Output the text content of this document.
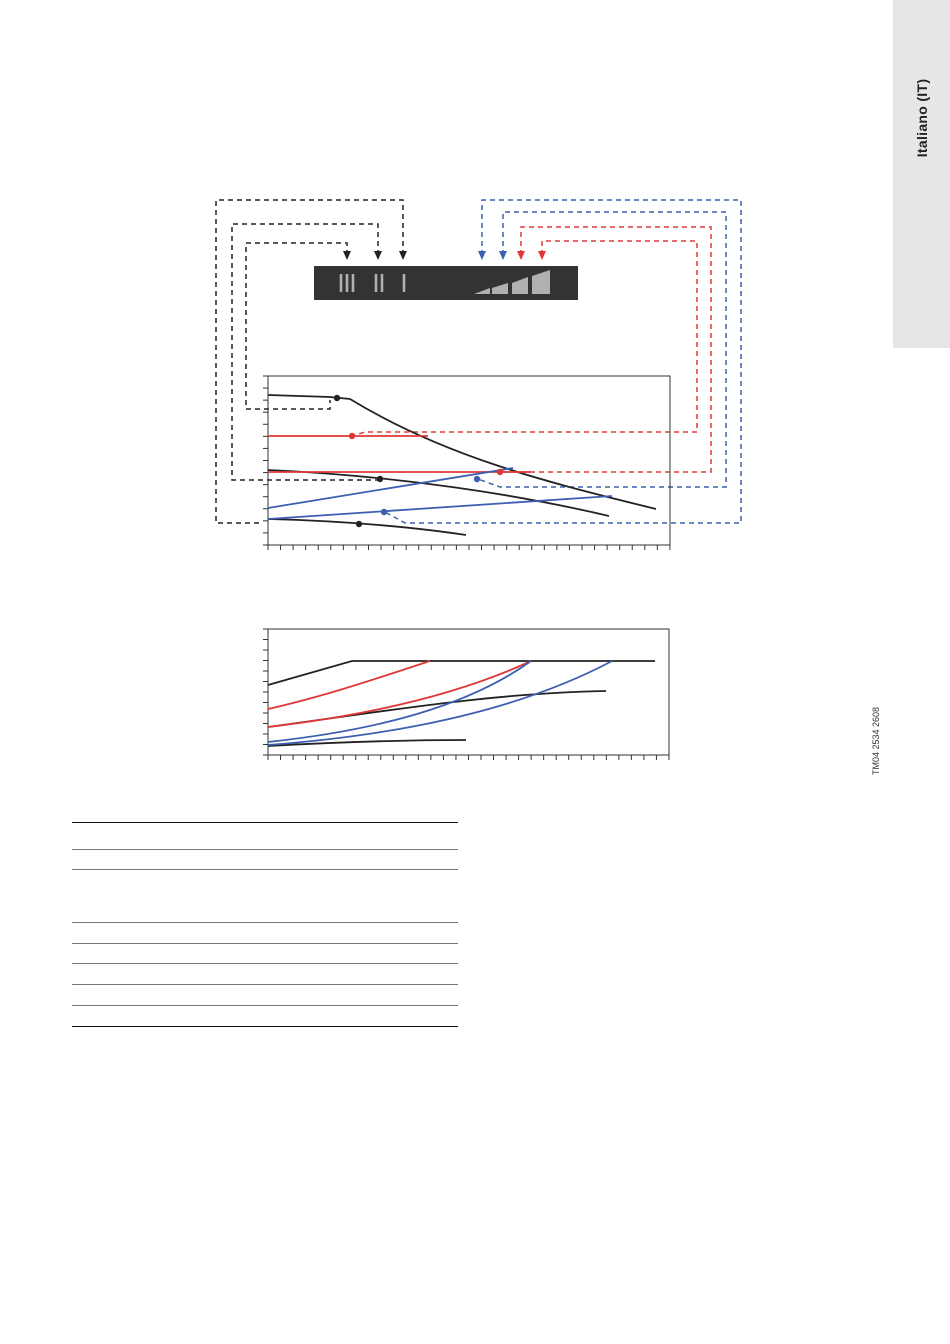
Italiano (IT)
TM04 2534 2608
